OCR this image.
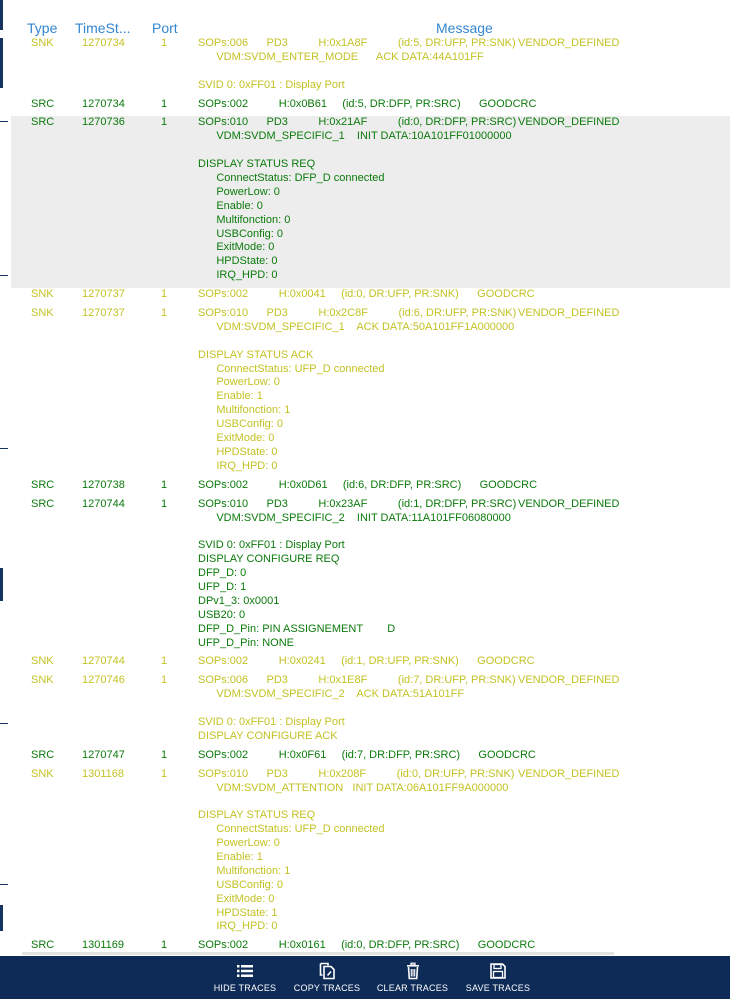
Type TimeSt... Port	Message
SNK	1270734	1	SOPs:006      PD3          H:0x1A8F          (id:5, DR:UFP, PR:SNK)
VDM:SVDM_ENTER_MODE      ACK DATA:44A101FF
SVID 0: 0xFF01 : Display Port
VENDOR_DEFINED
SRC	1270734	1	SOPs:002          H:0x0B61     (id:5, DR:DFP, PR:SRC)      GOODCRC
SRC	1270736	1	SOPs:010      PD3          H:0x21AF          (id:0, DR:DFP, PR:SRC)
VDM:SVDM_SPECIFIC_1    INIT DATA:10A101FF01000000
DISPLAY STATUS REQ
ConnectStatus: DFP_D connected
PowerLow: 0
Enable: 0
Multifonction: 0
USBConfig: 0
ExitMode: 0
HPDState: 0
IRQ_HPD: 0
VENDOR_DEFINED
SNK	1270737	1	SOPs:002          H:0x0041     (id:0, DR:UFP, PR:SNK)      GOODCRC
SNK	1270737	1	SOPs:010      PD3          H:0x2C8F          (id:6, DR:UFP, PR:SNK)
VDM:SVDM_SPECIFIC_1    ACK DATA:50A101FF1A000000
DISPLAY STATUS ACK
ConnectStatus: UFP_D connected
PowerLow: 0
Enable: 1
Multifonction: 1
USBConfig: 0
ExitMode: 0
HPDState: 0
IRQ_HPD: 0
VENDOR_DEFINED
SRC	1270738	1	SOPs:002          H:0x0D61     (id:6, DR:DFP, PR:SRC)      GOODCRC
SRC	1270744	1	SOPs:010      PD3          H:0x23AF          (id:1, DR:DFP, PR:SRC)
VDM:SVDM_SPECIFIC_2    INIT DATA:11A101FF06080000
SVID 0: 0xFF01 : Display Port
DISPLAY CONFIGURE REQ
DFP_D: 0
UFP_D: 1
DPv1_3: 0x0001
USB20: 0
DFP_D_Pin: PIN ASSIGNEMENT        D
UFP_D_Pin: NONE
VENDOR_DEFINED
SNK	1270744	1	SOPs:002          H:0x0241     (id:1, DR:UFP, PR:SNK)      GOODCRC
SNK	1270746	1	SOPs:006      PD3          H:0x1E8F          (id:7, DR:UFP, PR:SNK)
VDM:SVDM_SPECIFIC_2    ACK DATA:51A101FF
SVID 0: 0xFF01 : Display Port
DISPLAY CONFIGURE ACK
VENDOR_DEFINED
SRC	1270747	1	SOPs:002          H:0x0F61     (id:7, DR:DFP, PR:SRC)      GOODCRC
SNK	1301168	1	SOPs:010      PD3          H:0x208F          (id:0, DR:UFP, PR:SNK)
VDM:SVDM_ATTENTION   INIT DATA:06A101FF9A000000
DISPLAY STATUS REQ
ConnectStatus: UFP_D connected
PowerLow: 0
Enable: 1
Multifonction: 1
USBConfig: 0
ExitMode: 0
HPDState: 1
IRQ_HPD: 0
VENDOR_DEFINED
SRC	1301169	1	SOPs:002          H:0x0161     (id:0, DR:DFP, PR:SRC)      GOODCRC
HIDE TRACES	COPY TRACES	CLEAR TRACES	SAVE TRACES
